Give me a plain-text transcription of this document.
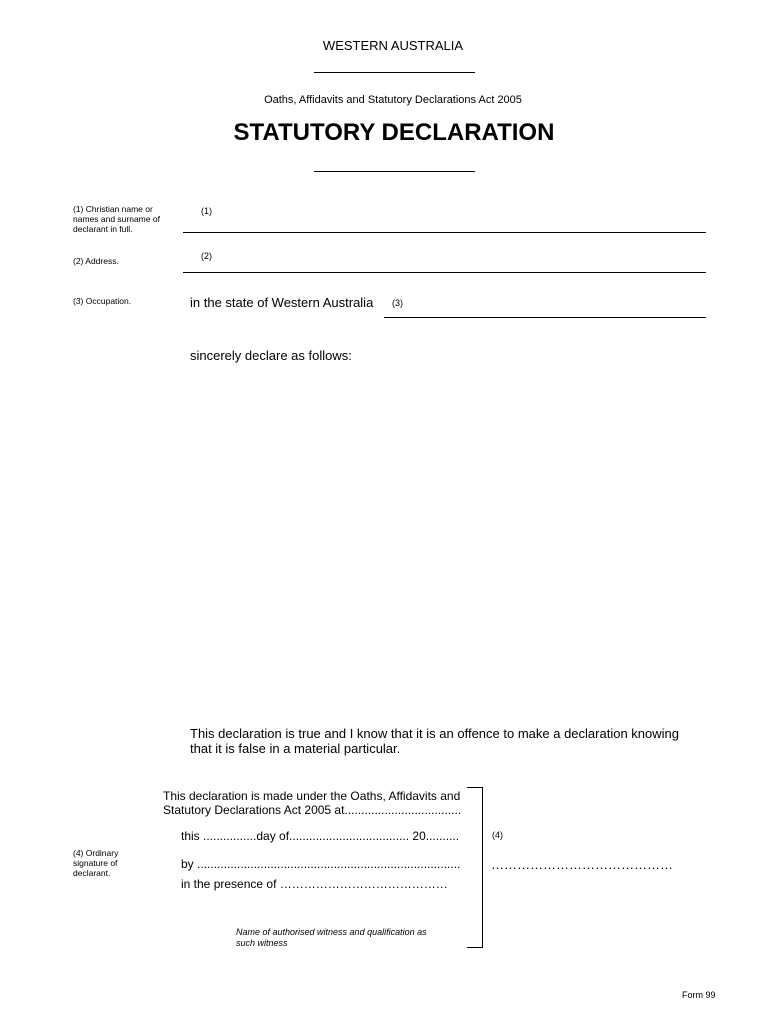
WESTERN AUSTRALIA
Oaths, Affidavits and Statutory Declarations Act 2005
STATUTORY DECLARATION
(1) Christian name or names and surname of declarant in full.
(1)
(2) Address.	(2)
(3) Occupation.	in the state of Western Australia (3)
sincerely declare as follows:
This declaration is true and I know that it is an offence to make a declaration knowing
that it is false in a material particular.
This declaration is made under the Oaths, Affidavits and
Statutory Declarations Act 2005 at...................................
this ................day of.................................... 20..........
by ...............................................................................
in the presence of ……………………………………
Name of authorised witness and qualification as
such witness
(4) Ordinary signature of declarant.
(4)
……………………………………
Form 99
